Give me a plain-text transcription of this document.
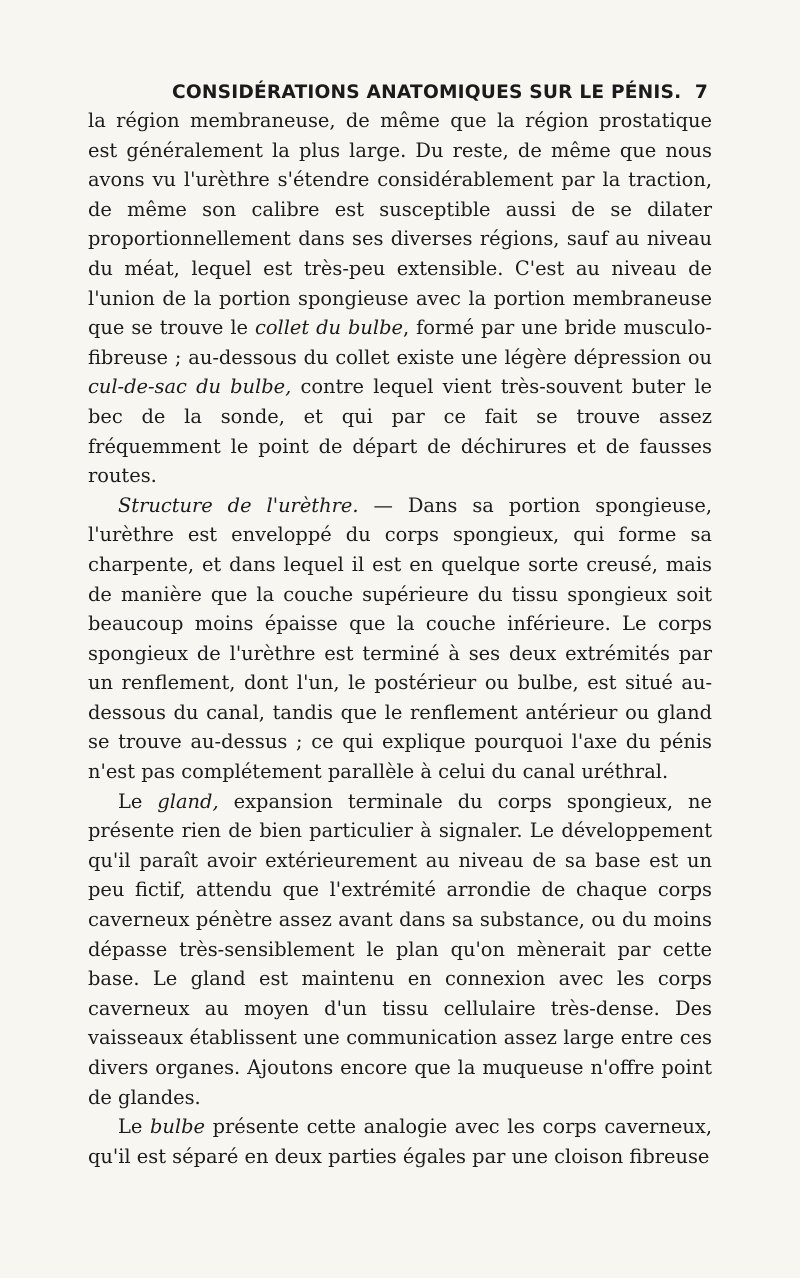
CONSIDÉRATIONS ANATOMIQUES SUR LE PÉNIS. 7

la région membraneuse, de même que la région prostatique est généralement la plus large. Du reste, de même que nous avons vu l'urèthre s'étendre considérablement par la traction, de même son calibre est susceptible aussi de se dilater proportionnellement dans ses diverses régions, sauf au niveau du méat, lequel est très-peu extensible. C'est au niveau de l'union de la portion spongieuse avec la portion membraneuse que se trouve le collet du bulbe, formé par une bride musculo-fibreuse ; au-dessous du collet existe une légère dépression ou cul-de-sac du bulbe, contre lequel vient très-souvent buter le bec de la sonde, et qui par ce fait se trouve assez fréquemment le point de départ de déchirures et de fausses routes.

Structure de l'urèthre. — Dans sa portion spongieuse, l'urèthre est enveloppé du corps spongieux, qui forme sa charpente, et dans lequel il est en quelque sorte creusé, mais de manière que la couche supérieure du tissu spongieux soit beaucoup moins épaisse que la couche inférieure. Le corps spongieux de l'urèthre est terminé à ses deux extrémités par un renflement, dont l'un, le postérieur ou bulbe, est situé au-dessous du canal, tandis que le renflement antérieur ou gland se trouve au-dessus ; ce qui explique pourquoi l'axe du pénis n'est pas complétement parallèle à celui du canal uréthral.

Le gland, expansion terminale du corps spongieux, ne présente rien de bien particulier à signaler. Le développement qu'il paraît avoir extérieurement au niveau de sa base est un peu fictif, attendu que l'extrémité arrondie de chaque corps caverneux pénètre assez avant dans sa substance, ou du moins dépasse très-sensiblement le plan qu'on mènerait par cette base. Le gland est maintenu en connexion avec les corps caverneux au moyen d'un tissu cellulaire très-dense. Des vaisseaux établissent une communication assez large entre ces divers organes. Ajoutons encore que la muqueuse n'offre point de glandes.

Le bulbe présente cette analogie avec les corps caverneux, qu'il est séparé en deux parties égales par une cloison fibreuse
